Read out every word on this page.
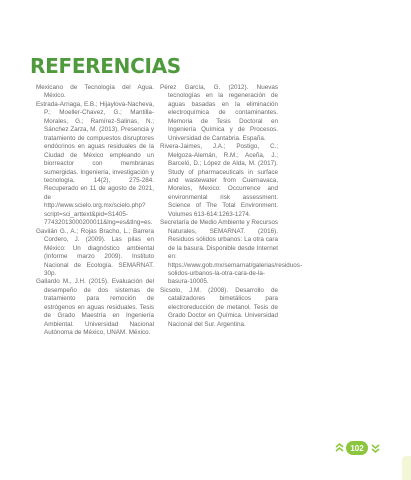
REFERENCIAS

Mexicano de Tecnología del Agua. México.

Estrada-Arriaga, E.B.; Hijaylova-Nacheva, P.; Moeller-Chavez, G.; Mantilla-Morales, G.; Ramírez-Salinas, N.; Sánchez Zarza, M. (2013). Presencia y tratamiento de compuestos disruptores endócrinos en aguas residuales de la Ciudad de México empleando un biorreactor con membranas sumergidas. Ingeniería, investigación y tecnología, 14(2), 275-284. Recuperado en 11 de agosto de 2021, de http://www.scielo.org.mx/scielo.php?script=sci_arttext&pid=S1405-77432013000200011&lng=es&tlng=es.

Gavilán G., A.; Rojas Bracho, L.; Barrera Cordero, J. (2009). Las pilas en México: Un diagnóstico ambiental (Informe marzo 2009). Instituto Nacional de Ecología. SEMARNAT. 30p.

Gallardo M., J.H. (2015). Evaluación del desempeño de dos sistemas de tratamiento para remoción de estrógenos en aguas residuales. Tesis de Grado Maestría en Ingeniería Ambiental. Universidad Nacional Autónoma de México, UNAM. México.

Pérez García, G. (2012). Nuevas tecnologías en la regeneración de aguas basadas en la eliminación electroquímica de contaminantes. Memoria de Tesis Doctoral en Ingeniería Química y de Procesos. Universidad de Cantabria. España.

Rivera-Jaimes, J.A.; Postigo, C.; Melgoza-Alemán, R.M.; Aceña, J.; Barceló, D.; López de Alda, M. (2017). Study of pharmaceuticals in surface and wastewater from Cuernavaca, Morelos, Mexico: Occurrence and environmental risk assessment. Science of The Total Environment. Volumes 613-614:1263-1274.

Secretaría de Medio Ambiente y Recursos Naturales, SEMARNAT. (2016). Residuos sólidos urbanos: La otra cara de la basura. Disponible desde Internet en: https://www.gob.mx/semarnat/galerias/residuos-solidos-urbanos-la-otra-cara-de-la-basura-10005.

Sicsolo, J.M. (2008). Desarrollo de catalizadores bimetálicos para electroreducción de metanol. Tesis de Grado Doctor en Química. Universidad Nacional del Sur. Argentina.

102
